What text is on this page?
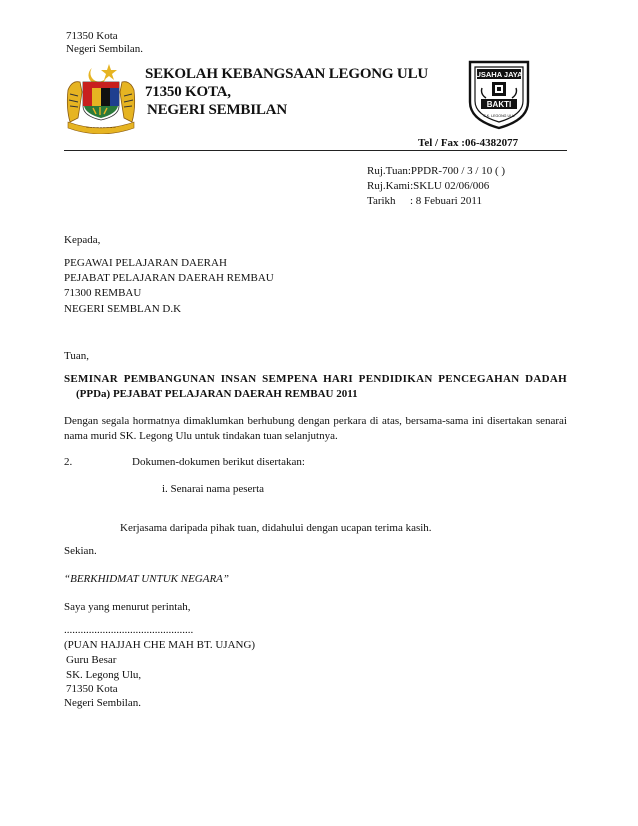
71350 Kota
Negeri Sembilan.
~~~~~~~~~
SEKOLAH KEBANGSAAN LEGONG ULU
71350 KOTA,
NEGERI SEMBILAN
USAHA JAYA
BAKTI
S.K. LEGONG ULU
Tel / Fax :06-4382077
Ruj.Tuan:PPDR-700 / 3 / 10 ( )
Ruj.Kami:SKLU 02/06/006
Tarikh : 8 Febuari 2011
Kepada,
PEGAWAI PELAJARAN DAERAH
PEJABAT PELAJARAN DAERAH REMBAU
71300 REMBAU
NEGERI SEMBLAN D.K
Tuan,
SEMINAR PEMBANGUNAN INSAN SEMPENA HARI PENDIDIKAN PENCEGAHAN DADAH
(PPDa) PEJABAT PELAJARAN DAERAH REMBAU 2011
Dengan segala hormatnya dimaklumkan berhubung dengan perkara di atas, bersama-sama ini disertakan senarai nama murid SK. Legong Ulu untuk tindakan tuan selanjutnya.
2.	Dokumen-dokumen berikut disertakan:
i. Senarai nama peserta
Kerjasama daripada pihak tuan, didahului dengan ucapan terima kasih.
Sekian.
“BERKHIDMAT UNTUK NEGARA”
Saya yang menurut perintah,
...............................................
(PUAN HAJJAH CHE MAH BT. UJANG)
Guru Besar
SK. Legong Ulu,
71350 Kota
Negeri Sembilan.
